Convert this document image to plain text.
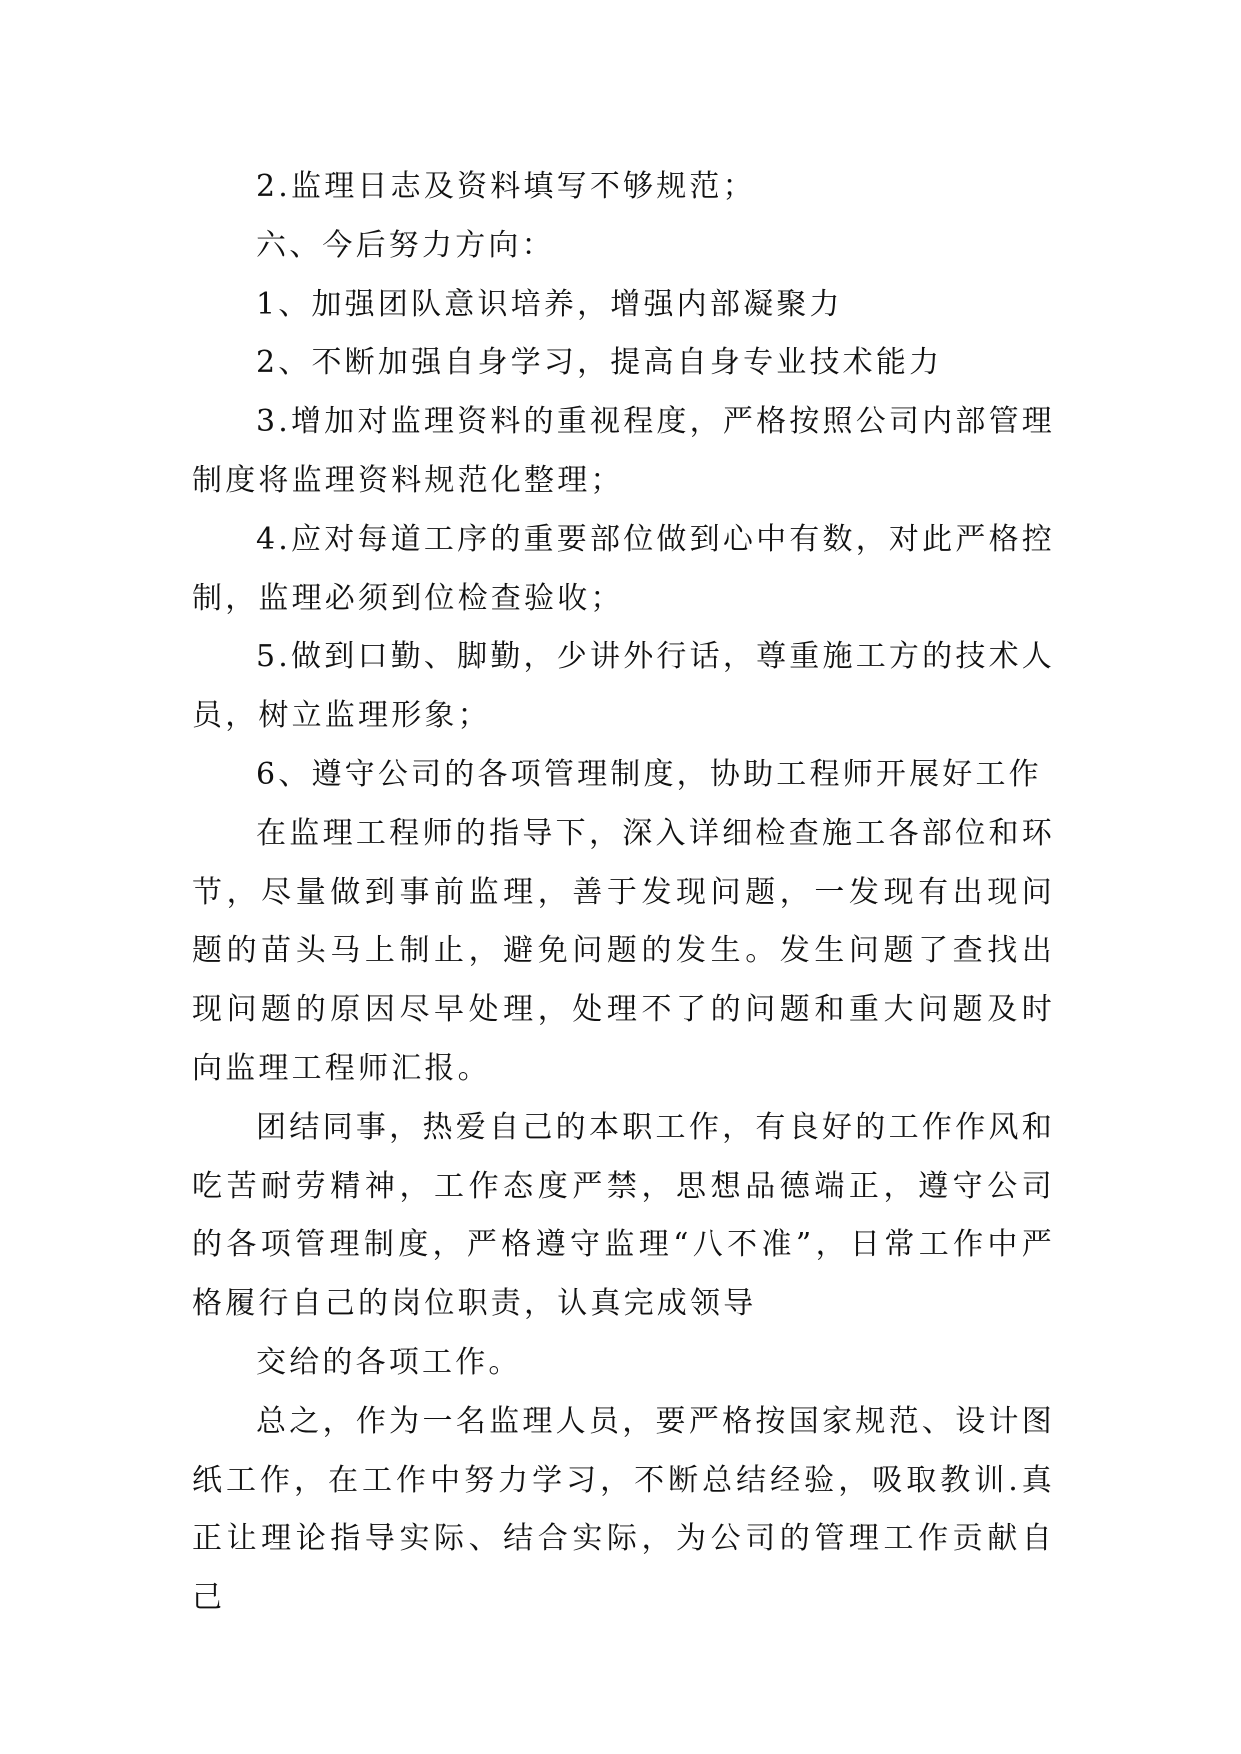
2.监理日志及资料填写不够规范；

六、今后努力方向：

1、加强团队意识培养，增强内部凝聚力

2、不断加强自身学习，提高自身专业技术能力

3.增加对监理资料的重视程度，严格按照公司内部管理制度将监理资料规范化整理；

4.应对每道工序的重要部位做到心中有数，对此严格控制，监理必须到位检查验收；

5.做到口勤、脚勤，少讲外行话，尊重施工方的技术人员，树立监理形象；

6、遵守公司的各项管理制度，协助工程师开展好工作

在监理工程师的指导下，深入详细检查施工各部位和环节，尽量做到事前监理，善于发现问题，一发现有出现问题的苗头马上制止，避免问题的发生。发生问题了查找出现问题的原因尽早处理，处理不了的问题和重大问题及时向监理工程师汇报。

团结同事，热爱自己的本职工作，有良好的工作作风和吃苦耐劳精神，工作态度严禁，思想品德端正，遵守公司的各项管理制度，严格遵守监理“八不准”，日常工作中严格履行自己的岗位职责，认真完成领导

交给的各项工作。

总之，作为一名监理人员，要严格按国家规范、设计图纸工作，在工作中努力学习，不断总结经验，吸取教训.真正让理论指导实际、结合实际，为公司的管理工作贡献自己
